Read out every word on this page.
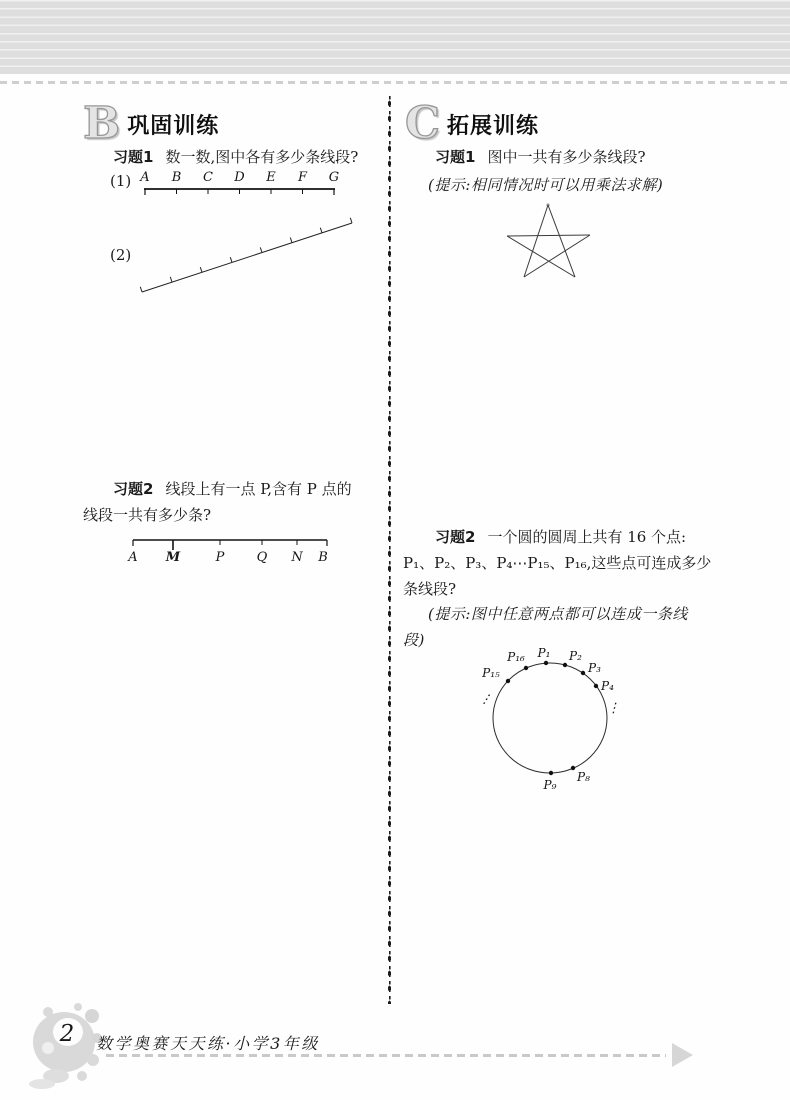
B 巩固训练
习题1 数一数,图中各有多少条线段?
(1) A B C D E F G
(2)
习题2 线段上有一点 P,含有 P 点的
线段一共有多少条?
A M	P Q N B
C 拓展训练
习题1 图中一共有多少条线段?
(提示:相同情况时可以用乘法求解)
习题2 一个圆的圆周上共有 16 个点:
P₁、P₂、P₃、P₄⋯P₁₅、P₁₆,这些点可连成多少
条线段?
(提示:图中任意两点都可以连成一条线
段)
P₁ P₂
P₃
P₄
⋮
P₈
P₉
P₁₅
P₁₆
⋮
2 数学奥赛天天练·小学3年级
